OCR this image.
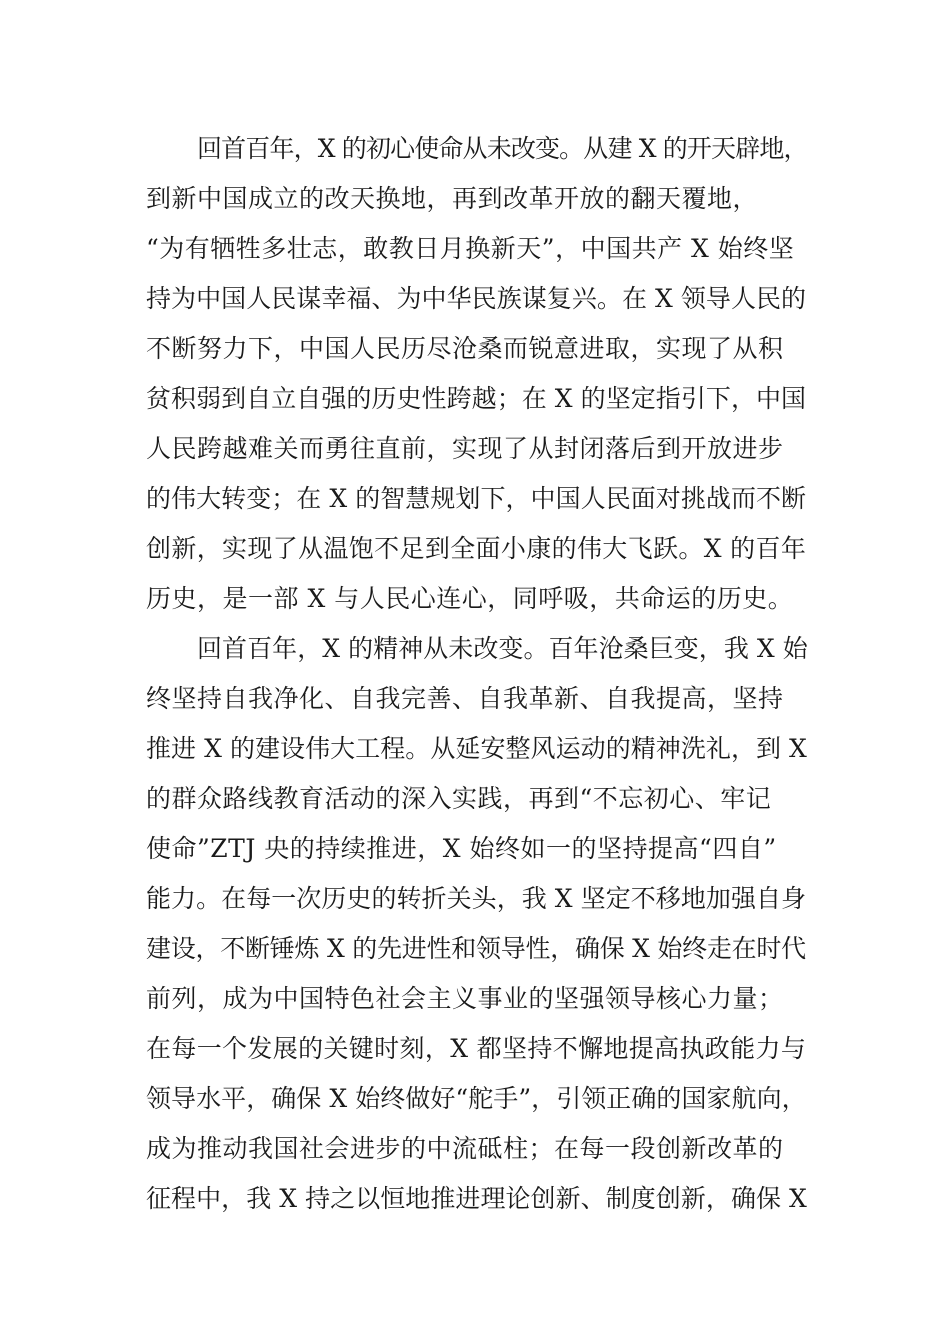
回首百年，X 的初心使命从未改变。从建 X 的开天辟地，
到新中国成立的改天换地，再到改革开放的翻天覆地，
“为有牺牲多壮志，敢教日月换新天”，中国共产 X 始终坚
持为中国人民谋幸福、为中华民族谋复兴。在 X 领导人民的
不断努力下，中国人民历尽沧桑而锐意进取，实现了从积
贫积弱到自立自强的历史性跨越；在 X 的坚定指引下，中国
人民跨越难关而勇往直前，实现了从封闭落后到开放进步
的伟大转变；在 X 的智慧规划下，中国人民面对挑战而不断
创新，实现了从温饱不足到全面小康的伟大飞跃。X 的百年
历史，是一部 X 与人民心连心，同呼吸，共命运的历史。
回首百年，X 的精神从未改变。百年沧桑巨变，我 X 始
终坚持自我净化、自我完善、自我革新、自我提高，坚持
推进 X 的建设伟大工程。从延安整风运动的精神洗礼，到 X
的群众路线教育活动的深入实践，再到“不忘初心、牢记
使命”ZTJ 央的持续推进，X 始终如一的坚持提高“四自”
能力。在每一次历史的转折关头，我 X 坚定不移地加强自身
建设，不断锤炼 X 的先进性和领导性，确保 X 始终走在时代
前列，成为中国特色社会主义事业的坚强领导核心力量；
在每一个发展的关键时刻，X 都坚持不懈地提高执政能力与
领导水平，确保 X 始终做好“舵手”，引领正确的国家航向，
成为推动我国社会进步的中流砥柱；在每一段创新改革的
征程中，我 X 持之以恒地推进理论创新、制度创新，确保 X
